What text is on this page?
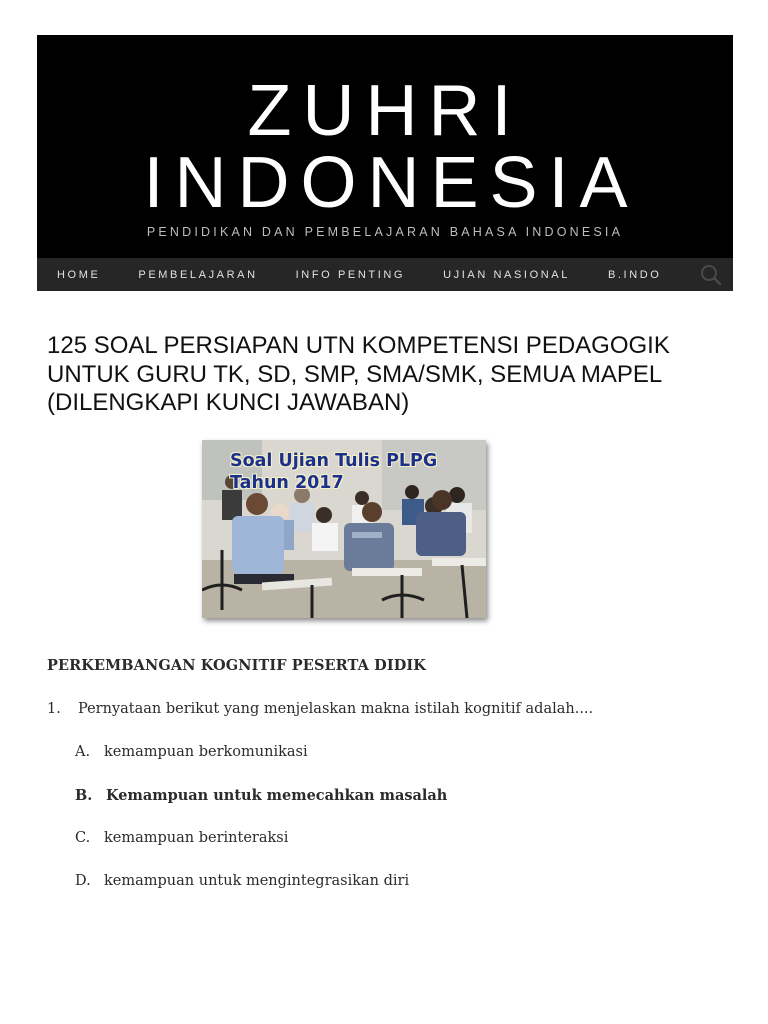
ZUHRI
INDONESIA
PENDIDIKAN DAN PEMBELAJARAN BAHASA INDONESIA
HOME	PEMBELAJARAN	INFO PENTING	UJIAN NASIONAL	B.INDO
125 SOAL PERSIAPAN UTN KOMPETENSI PEDAGOGIK UNTUK GURU TK, SD, SMP, SMA/SMK, SEMUA MAPEL (DILENGKAPI KUNCI JAWABAN)
Soal Ujian Tulis PLPG
Tahun 2017
PERKEMBANGAN KOGNITIF PESERTA DIDIK
1. Pernyataan berikut yang menjelaskan makna istilah kognitif adalah....
A. kemampuan berkomunikasi
B. Kemampuan untuk memecahkan masalah
C. kemampuan berinteraksi
D. kemampuan untuk mengintegrasikan diri
